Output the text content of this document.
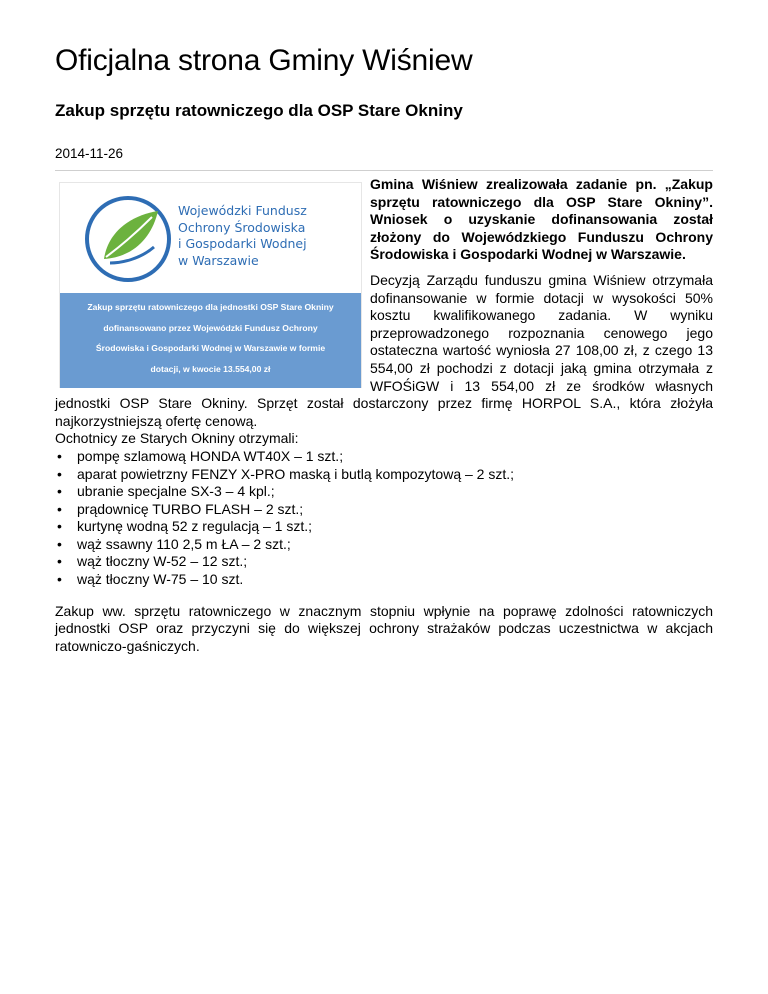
Oficjalna strona Gminy Wiśniew
Zakup sprzętu ratowniczego dla OSP Stare Okniny
2014-11-26
Wojewódzki Fundusz
Ochrony Środowiska
i Gospodarki Wodnej
w Warszawie
Zakup sprzętu ratowniczego dla jednostki OSP Stare Okniny
dofinansowano przez Wojewódzki Fundusz Ochrony
Środowiska i Gospodarki Wodnej w Warszawie w formie
dotacji, w kwocie 13.554,00 zł

Gmina Wiśniew zrealizowała zadanie pn. „Zakup sprzętu ratowniczego dla OSP Stare Okniny”. Wniosek o uzyskanie dofinansowania został złożony do Wojewódzkiego Funduszu Ochrony Środowiska i Gospodarki Wodnej w Warszawie.

Decyzją Zarządu funduszu gmina Wiśniew otrzymała dofinansowanie w formie dotacji w wysokości 50% kosztu kwalifikowanego zadania. W wyniku przeprowadzonego rozpoznania cenowego jego ostateczna wartość wyniosła 27 108,00 zł, z czego 13 554,00 zł pochodzi z dotacji jaką gmina otrzymała z WFOŚiGW i 13 554,00 zł ze środków własnych jednostki OSP Stare Okniny. Sprzęt został dostarczony przez firmę HORPOL S.A., która złożyła najkorzystniejszą ofertę cenową.

Ochotnicy ze Starych Okniny otrzymali:
• pompę szlamową HONDA WT40X – 1 szt.;
• aparat powietrzny FENZY X-PRO maską i butlą kompozytową – 2 szt.;
• ubranie specjalne SX-3 – 4 kpl.;
• prądownicę TURBO FLASH – 2 szt.;
• kurtynę wodną 52 z regulacją – 1 szt.;
• wąż ssawny 110 2,5 m ŁA – 2 szt.;
• wąż tłoczny W-52 – 12 szt.;
• wąż tłoczny W-75 – 10 szt.

Zakup ww. sprzętu ratowniczego w znacznym stopniu wpłynie na poprawę zdolności ratowniczych jednostki OSP oraz przyczyni się do większej ochrony strażaków podczas uczestnictwa w akcjach ratowniczo-gaśniczych.
